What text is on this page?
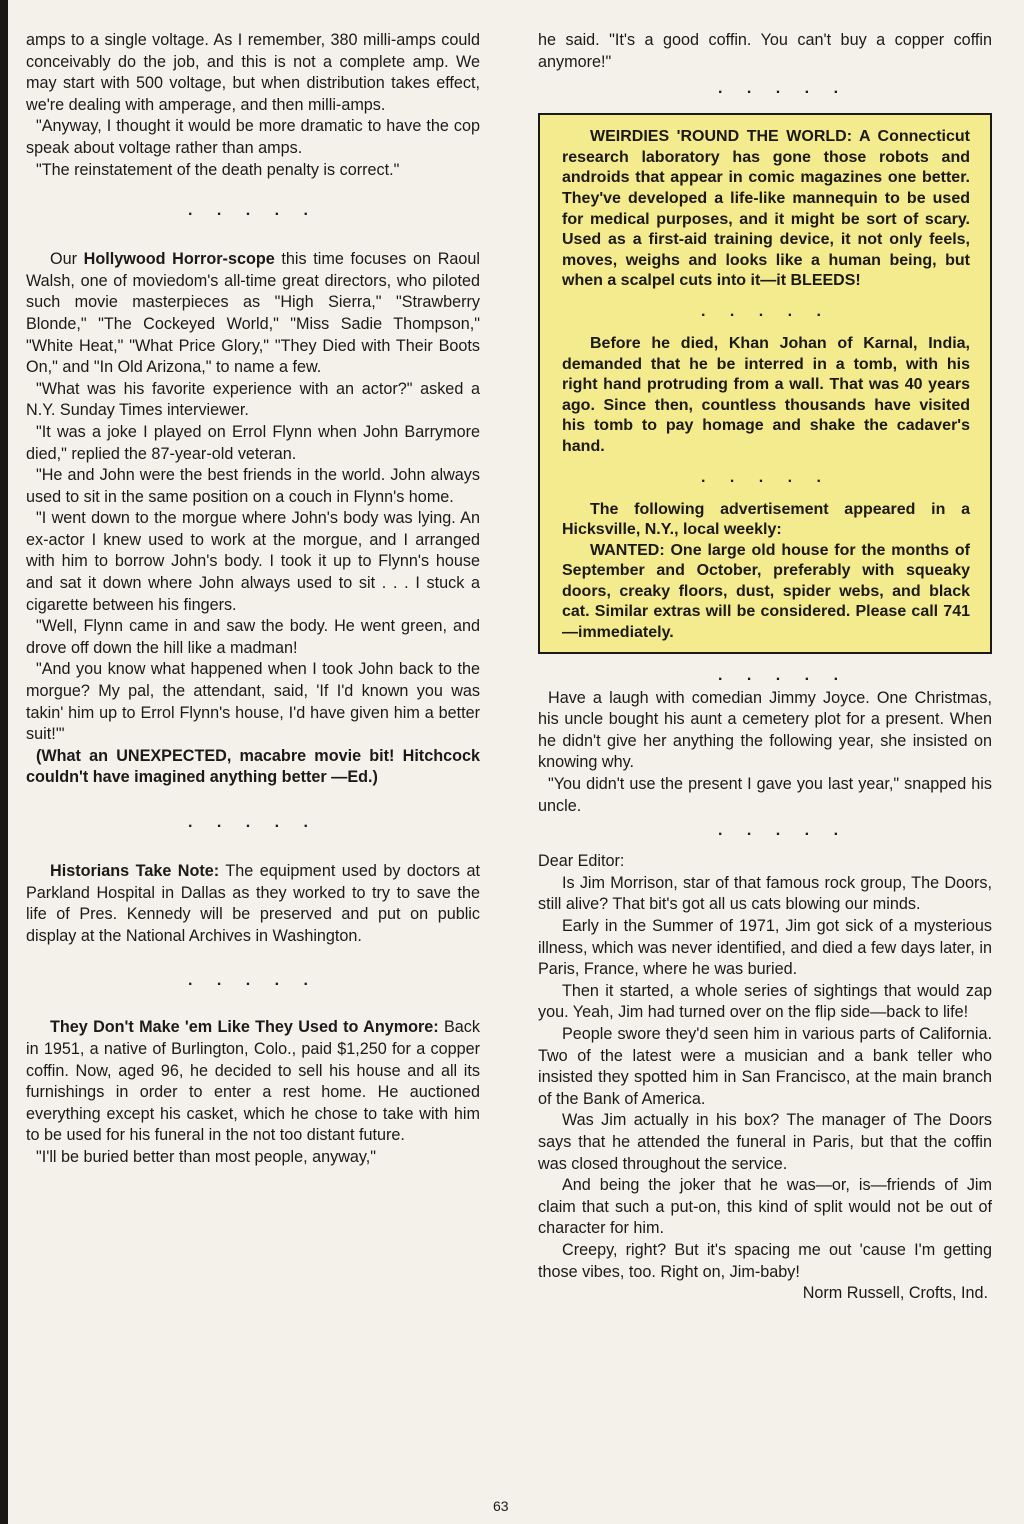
amps to a single voltage. As I remember, 380 milli-amps could conceivably do the job, and this is not a complete amp. We may start with 500 voltage, but when distribution takes effect, we're dealing with amperage, and then milli-amps.

"Anyway, I thought it would be more dramatic to have the cop speak about voltage rather than amps.

"The reinstatement of the death penalty is correct."

. . . . .

Our Hollywood Horror-scope this time focuses on Raoul Walsh, one of moviedom's all-time great directors, who piloted such movie masterpieces as "High Sierra," "Strawberry Blonde," "The Cockeyed World," "Miss Sadie Thompson," "White Heat," "What Price Glory," "They Died with Their Boots On," and "In Old Arizona," to name a few.

"What was his favorite experience with an actor?" asked a N.Y. Sunday Times interviewer.

"It was a joke I played on Errol Flynn when John Barrymore died," replied the 87-year-old veteran.

"He and John were the best friends in the world. John always used to sit in the same position on a couch in Flynn's home.

"I went down to the morgue where John's body was lying. An ex-actor I knew used to work at the morgue, and I arranged with him to borrow John's body. I took it up to Flynn's house and sat it down where John always used to sit . . . I stuck a cigarette between his fingers.

"Well, Flynn came in and saw the body. He went green, and drove off down the hill like a madman!

"And you know what happened when I took John back to the morgue? My pal, the attendant, said, 'If I'd known you was takin' him up to Errol Flynn's house, I'd have given him a better suit!'"

(What an UNEXPECTED, macabre movie bit! Hitchcock couldn't have imagined anything better —Ed.)

. . . . .

Historians Take Note: The equipment used by doctors at Parkland Hospital in Dallas as they worked to try to save the life of Pres. Kennedy will be preserved and put on public display at the National Archives in Washington.

. . . . .

They Don't Make 'em Like They Used to Anymore: Back in 1951, a native of Burlington, Colo., paid $1,250 for a copper coffin. Now, aged 96, he decided to sell his house and all its furnishings in order to enter a rest home. He auctioned everything except his casket, which he chose to take with him to be used for his funeral in the not too distant future.

"I'll be buried better than most people, anyway,"

he said. "It's a good coffin. You can't buy a copper coffin anymore!"

. . . . .

WEIRDIES 'ROUND THE WORLD: A Connecticut research laboratory has gone those robots and androids that appear in comic magazines one better. They've developed a life-like mannequin to be used for medical purposes, and it might be sort of scary. Used as a first-aid training device, it not only feels, moves, weighs and looks like a human being, but when a scalpel cuts into it—it BLEEDS!

. . . . .

Before he died, Khan Johan of Karnal, India, demanded that he be interred in a tomb, with his right hand protruding from a wall. That was 40 years ago. Since then, countless thousands have visited his tomb to pay homage and shake the cadaver's hand.

. . . . .

The following advertisement appeared in a Hicksville, N.Y., local weekly:

WANTED: One large old house for the months of September and October, preferably with squeaky doors, creaky floors, dust, spider webs, and black cat. Similar extras will be considered. Please call 741—immediately.

. . . . .

Have a laugh with comedian Jimmy Joyce. One Christmas, his uncle bought his aunt a cemetery plot for a present. When he didn't give her anything the following year, she insisted on knowing why.

"You didn't use the present I gave you last year," snapped his uncle.

. . . . .

Dear Editor:

Is Jim Morrison, star of that famous rock group, The Doors, still alive? That bit's got all us cats blowing our minds.

Early in the Summer of 1971, Jim got sick of a mysterious illness, which was never identified, and died a few days later, in Paris, France, where he was buried.

Then it started, a whole series of sightings that would zap you. Yeah, Jim had turned over on the flip side—back to life!

People swore they'd seen him in various parts of California. Two of the latest were a musician and a bank teller who insisted they spotted him in San Francisco, at the main branch of the Bank of America.

Was Jim actually in his box? The manager of The Doors says that he attended the funeral in Paris, but that the coffin was closed throughout the service.

And being the joker that he was—or, is—friends of Jim claim that such a put-on, this kind of split would not be out of character for him.

Creepy, right? But it's spacing me out 'cause I'm getting those vibes, too. Right on, Jim-baby!

Norm Russell, Crofts, Ind.

63
